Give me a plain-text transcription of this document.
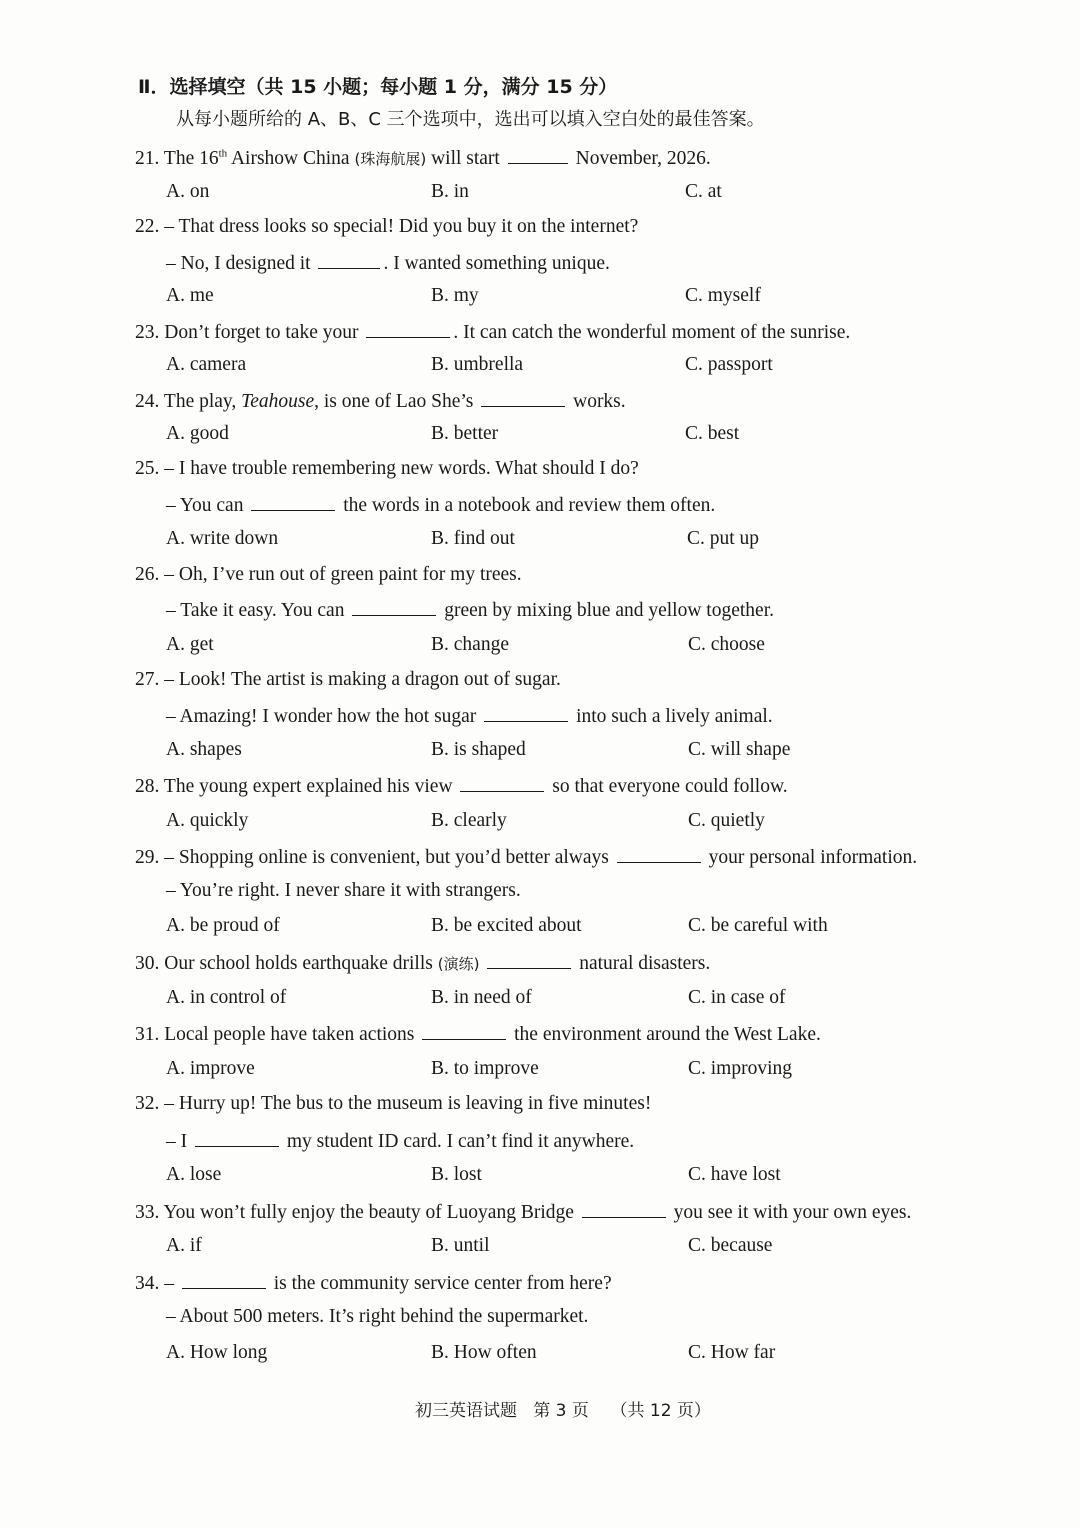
Ⅱ．选择填空（共 15 小题；每小题 1 分，满分 15 分）
从每小题所给的 A、B、C 三个选项中，选出可以填入空白处的最佳答案。
21. The 16th Airshow China (珠海航展) will start	November, 2026.
A. on	B. in	C. at
22. – That dress looks so special! Did you buy it on the internet?
– No, I designed it	. I wanted something unique.
A. me	B. my	C. myself
23. Don’t forget to take your	. It can catch the wonderful moment of the sunrise.
A. camera	B. umbrella	C. passport
24. The play, Teahouse, is one of Lao She’s	works.
A. good	B. better	C. best
25. – I have trouble remembering new words. What should I do?
– You can	the words in a notebook and review them often.
A. write down	B. find out	C. put up
26. – Oh, I’ve run out of green paint for my trees.
– Take it easy. You can	green by mixing blue and yellow together.
A. get	B. change	C. choose
27. – Look! The artist is making a dragon out of sugar.
– Amazing! I wonder how the hot sugar	into such a lively animal.
A. shapes	B. is shaped	C. will shape
28. The young expert explained his view	so that everyone could follow.
A. quickly	B. clearly	C. quietly
29. – Shopping online is convenient, but you’d better always	your personal information.
– You’re right. I never share it with strangers.
A. be proud of	B. be excited about	C. be careful with
30. Our school holds earthquake drills (演练)	natural disasters.
A. in control of	B. in need of	C. in case of
31. Local people have taken actions	the environment around the West Lake.
A. improve	B. to improve	C. improving
32. – Hurry up! The bus to the museum is leaving in five minutes!
– I	my student ID card. I can’t find it anywhere.
A. lose	B. lost	C. have lost
33. You won’t fully enjoy the beauty of Luoyang Bridge	you see it with your own eyes.
A. if	B. until	C. because
34. –	is the community service center from here?
– About 500 meters. It’s right behind the supermarket.
A. How long	B. How often	C. How far
初三英语试题 第 3 页 （共 12 页）
